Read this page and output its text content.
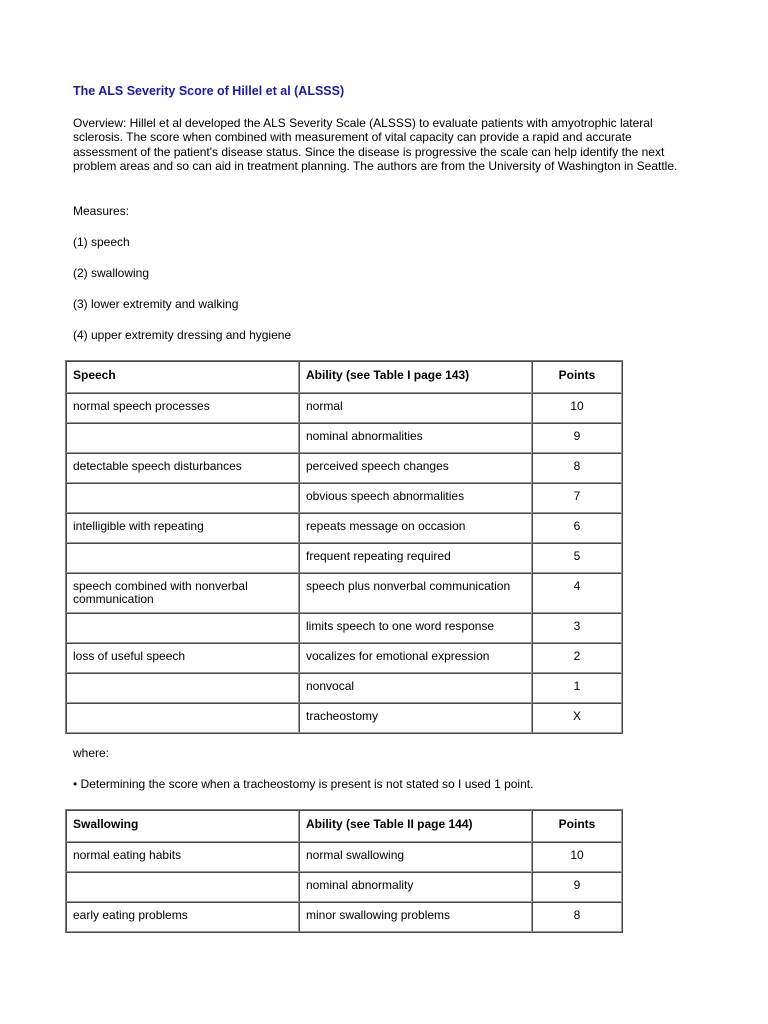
The ALS Severity Score of Hillel et al (ALSSS)
Overview: Hillel et al developed the ALS Severity Scale (ALSSS) to evaluate patients with amyotrophic lateral sclerosis. The score when combined with measurement of vital capacity can provide a rapid and accurate assessment of the patient's disease status. Since the disease is progressive the scale can help identify the next problem areas and so can aid in treatment planning. The authors are from the University of Washington in Seattle.
Measures:
(1) speech
(2) swallowing
(3) lower extremity and walking
(4) upper extremity dressing and hygiene
Speech	Ability (see Table I page 143)	Points
normal speech processes	normal	10
	nominal abnormalities	9
detectable speech disturbances	perceived speech changes	8
	obvious speech abnormalities	7
intelligible with repeating	repeats message on occasion	6
	frequent repeating required	5
speech combined with nonverbal communication	speech plus nonverbal communication	4
	limits speech to one word response	3
loss of useful speech	vocalizes for emotional expression	2
	nonvocal	1
	tracheostomy	X
where:
• Determining the score when a tracheostomy is present is not stated so I used 1 point.
Swallowing	Ability (see Table II page 144)	Points
normal eating habits	normal swallowing	10
	nominal abnormality	9
early eating problems	minor swallowing problems	8
